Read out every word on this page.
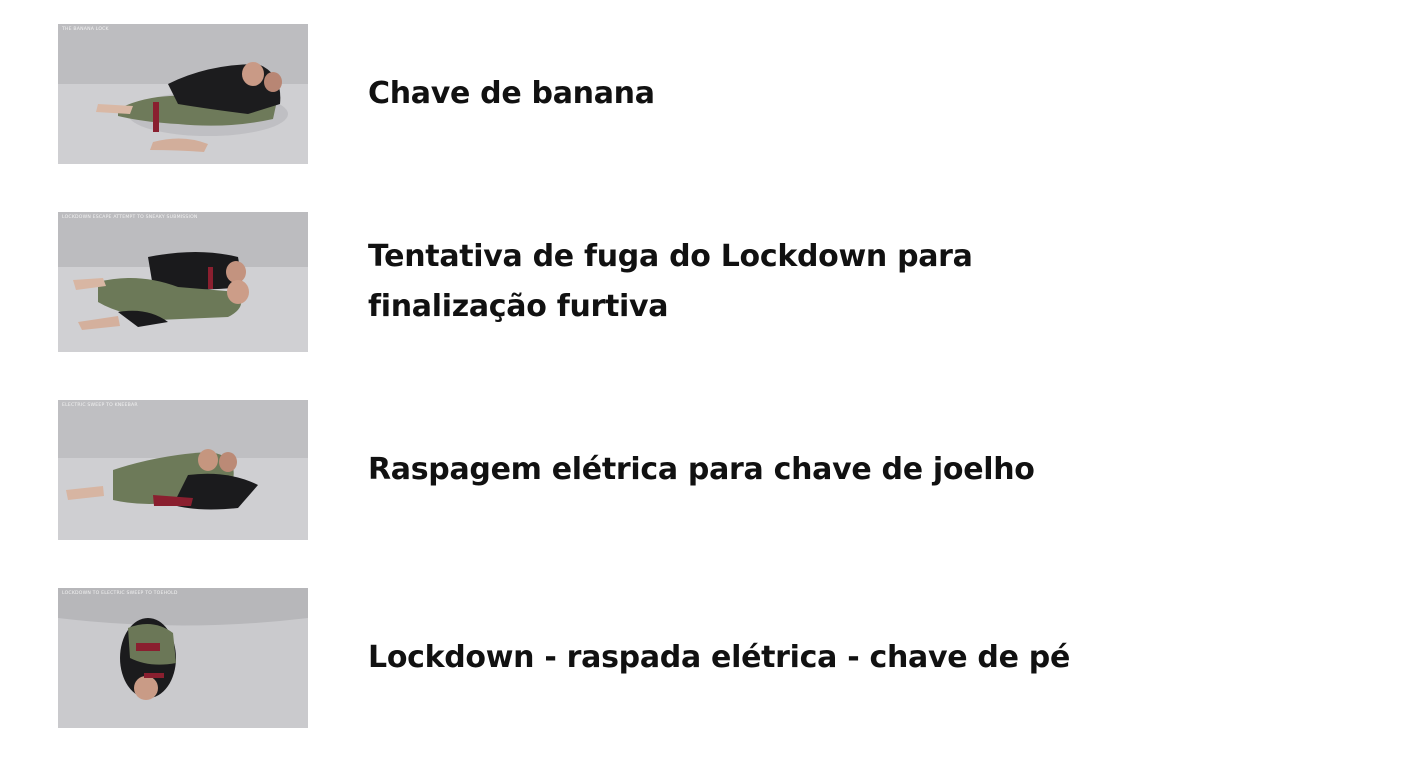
THE BANANA LOCK
Chave de banana
LOCKDOWN ESCAPE ATTEMPT TO SNEAKY SUBMISSION
Tentativa de fuga do Lockdown para finalização furtiva
ELECTRIC SWEEP TO KNEEBAR
Raspagem elétrica para chave de joelho
LOCKDOWN TO ELECTRIC SWEEP TO TOEHOLD
Lockdown - raspada elétrica - chave de pé
